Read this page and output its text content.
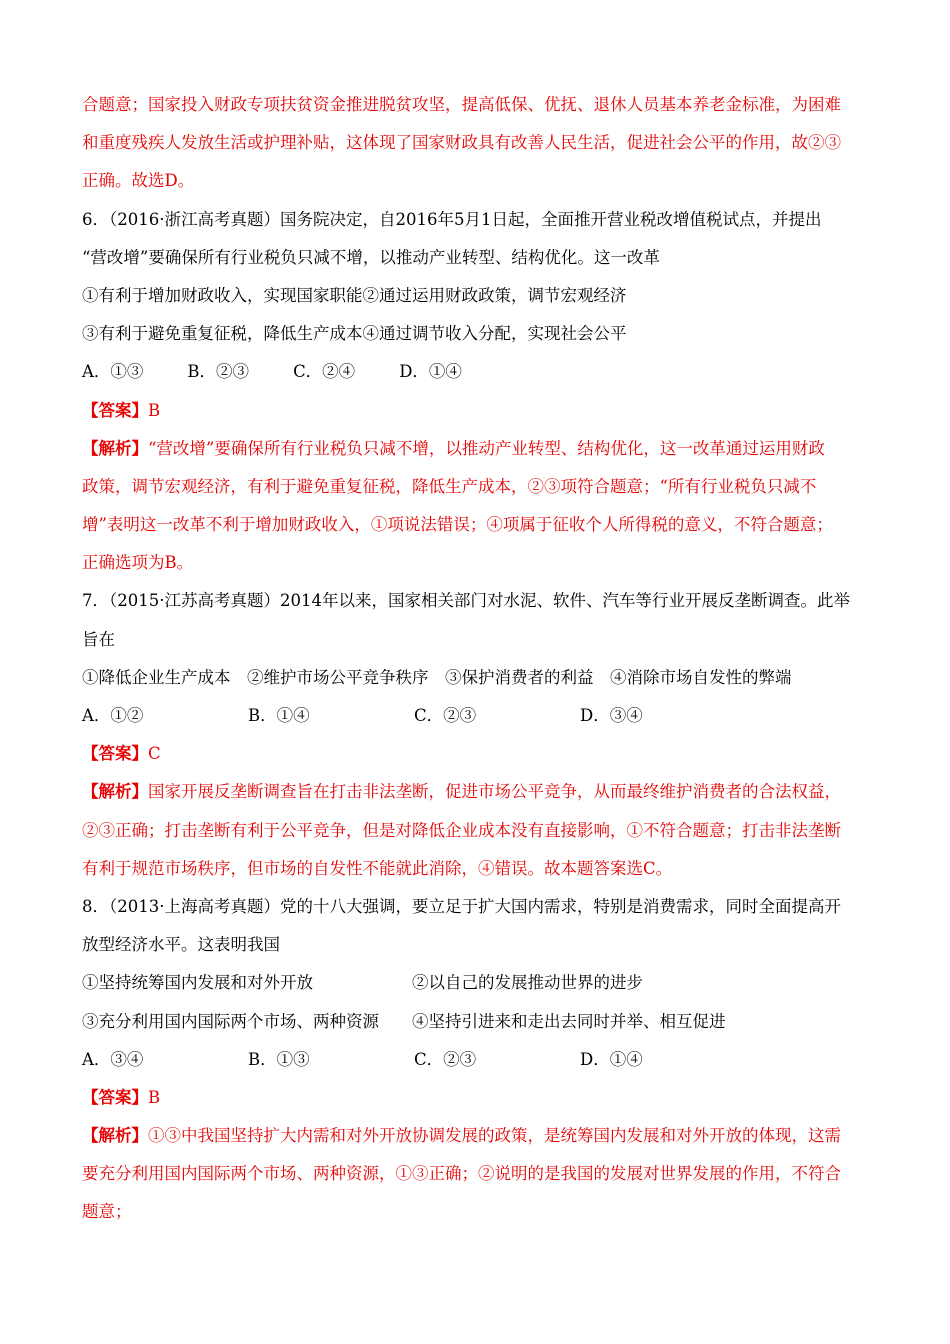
合题意；国家投入财政专项扶贫资金推进脱贫攻坚，提高低保、优抚、退休人员基本养老金标准，为困难
和重度残疾人发放生活或护理补贴，这体现了国家财政具有改善人民生活，促进社会公平的作用，故②③
正确。故选D。
6．（2016·浙江高考真题）国务院决定，自2016年5月1日起，全面推开营业税改增值税试点，并提出
“营改增”要确保所有行业税负只减不增，以推动产业转型、结构优化。这一改革
①有利于增加财政收入，实现国家职能②通过运用财政政策，调节宏观经济
③有利于避免重复征税，降低生产成本④通过调节收入分配，实现社会公平
A．①③	B．②③	C．②④	D．①④
【答案】B
【解析】“营改增”要确保所有行业税负只减不增，以推动产业转型、结构优化，这一改革通过运用财政
政策，调节宏观经济，有利于避免重复征税，降低生产成本，②③项符合题意；“所有行业税负只减不
增”表明这一改革不利于增加财政收入，①项说法错误；④项属于征收个人所得税的意义，不符合题意；
正确选项为B。
7．（2015·江苏高考真题）2014年以来，国家相关部门对水泥、软件、汽车等行业开展反垄断调查。此举
旨在
①降低企业生产成本　②维护市场公平竞争秩序　③保护消费者的利益　④消除市场自发性的弊端
A．①②	B．①④	C．②③	D．③④
【答案】C
【解析】国家开展反垄断调查旨在打击非法垄断，促进市场公平竞争，从而最终维护消费者的合法权益，
②③正确；打击垄断有利于公平竞争，但是对降低企业成本没有直接影响，①不符合题意；打击非法垄断
有利于规范市场秩序，但市场的自发性不能就此消除，④错误。故本题答案选C。
8．（2013·上海高考真题）党的十八大强调，要立足于扩大国内需求，特别是消费需求，同时全面提高开
放型经济水平。这表明我国
①坚持统筹国内发展和对外开放	②以自己的发展推动世界的进步
③充分利用国内国际两个市场、两种资源 ④坚持引进来和走出去同时并举、相互促进
A．③④	B．①③	C．②③	D．①④
【答案】B
【解析】①③中我国坚持扩大内需和对外开放协调发展的政策，是统筹国内发展和对外开放的体现，这需
要充分利用国内国际两个市场、两种资源，①③正确；②说明的是我国的发展对世界发展的作用，不符合
题意；
